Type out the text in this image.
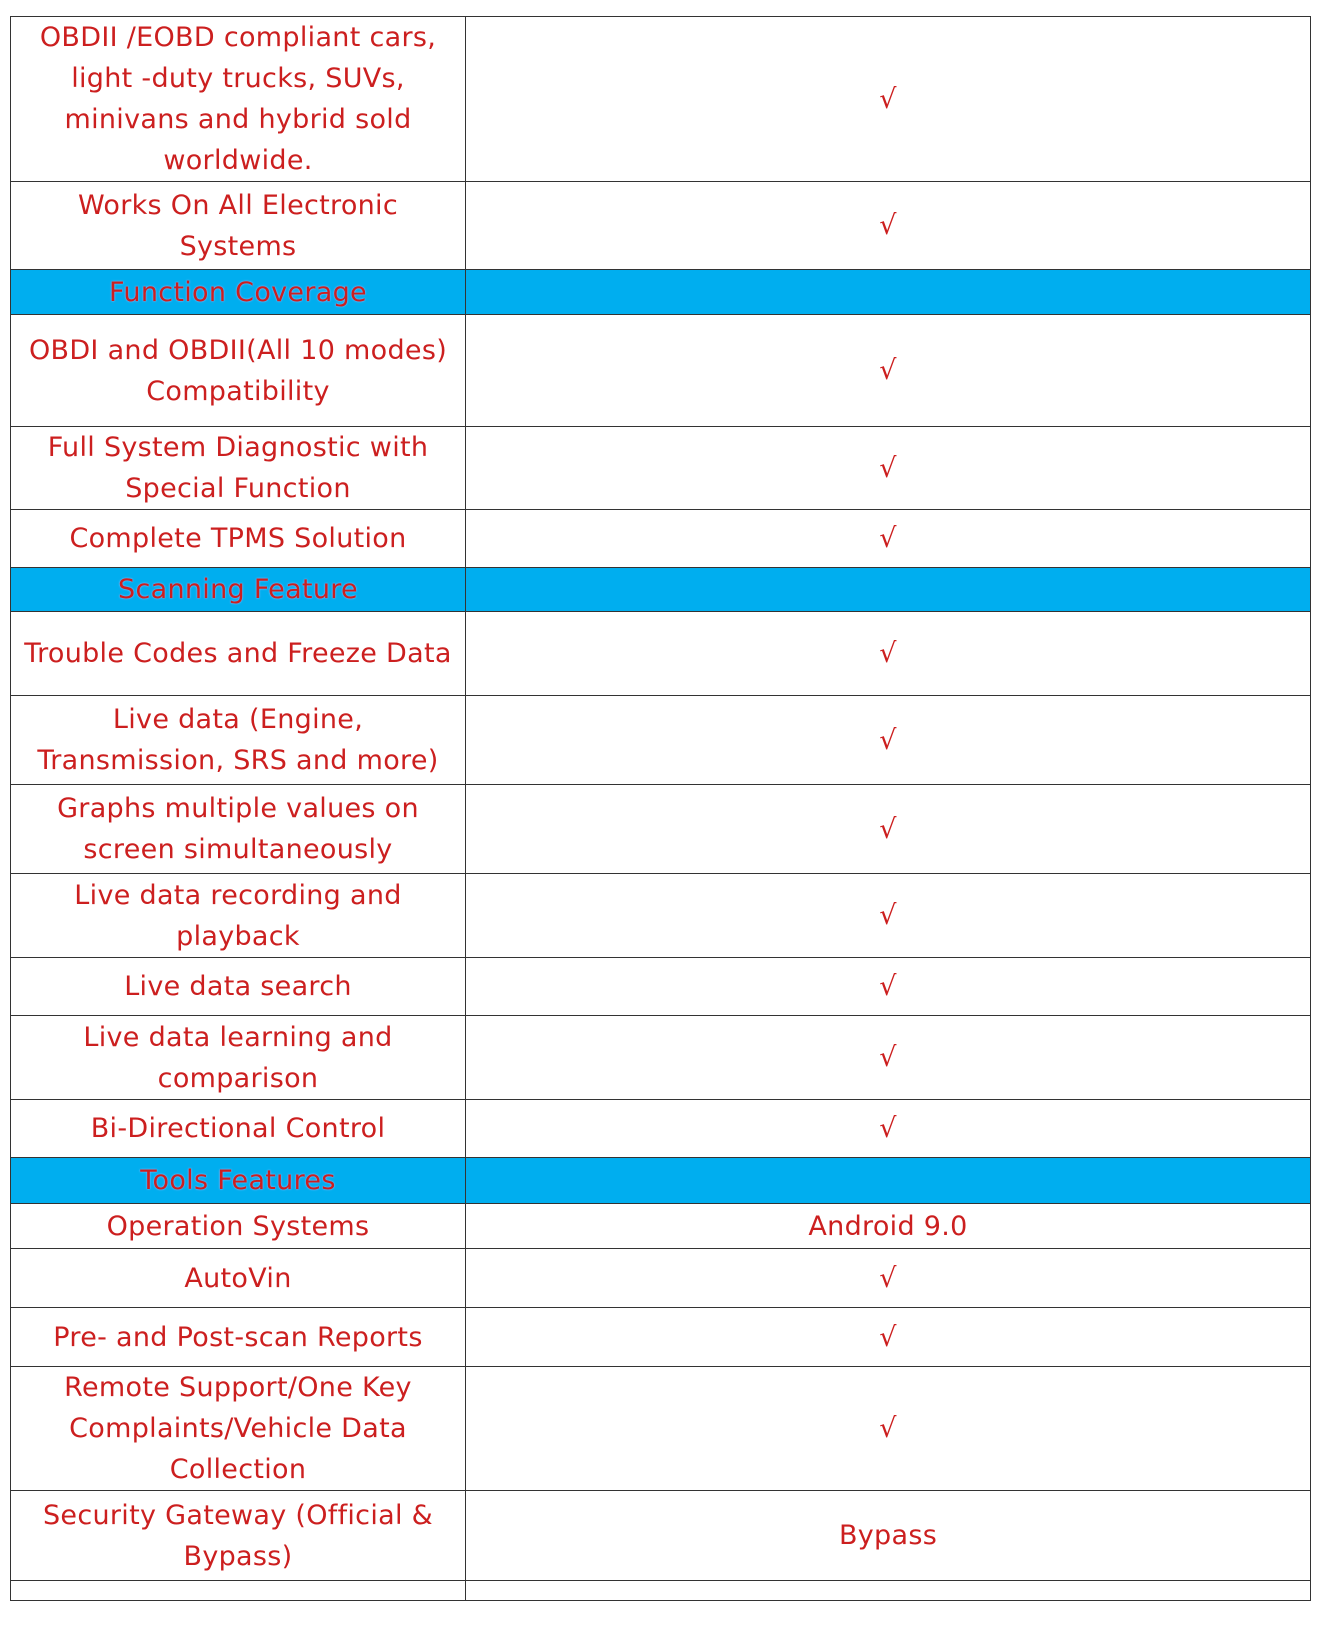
OBDII /EOBD compliant cars, light -duty trucks, SUVs, minivans and hybrid sold worldwide.	√
Works On All Electronic Systems	√
Function Coverage	
OBDI and OBDII(All 10 modes) Compatibility	√
Full System Diagnostic with Special Function	√
Complete TPMS Solution	√
Scanning Feature	
Trouble Codes and Freeze Data	√
Live data (Engine, Transmission, SRS and more)	√
Graphs multiple values on screen simultaneously	√
Live data recording and playback	√
Live data search	√
Live data learning and comparison	√
Bi-Directional Control	√
Tools Features	
Operation Systems	Android 9.0
AutoVin	√
Pre- and Post-scan Reports	√
Remote Support/One Key Complaints/Vehicle Data Collection	√
Security Gateway (Official & Bypass)	Bypass
